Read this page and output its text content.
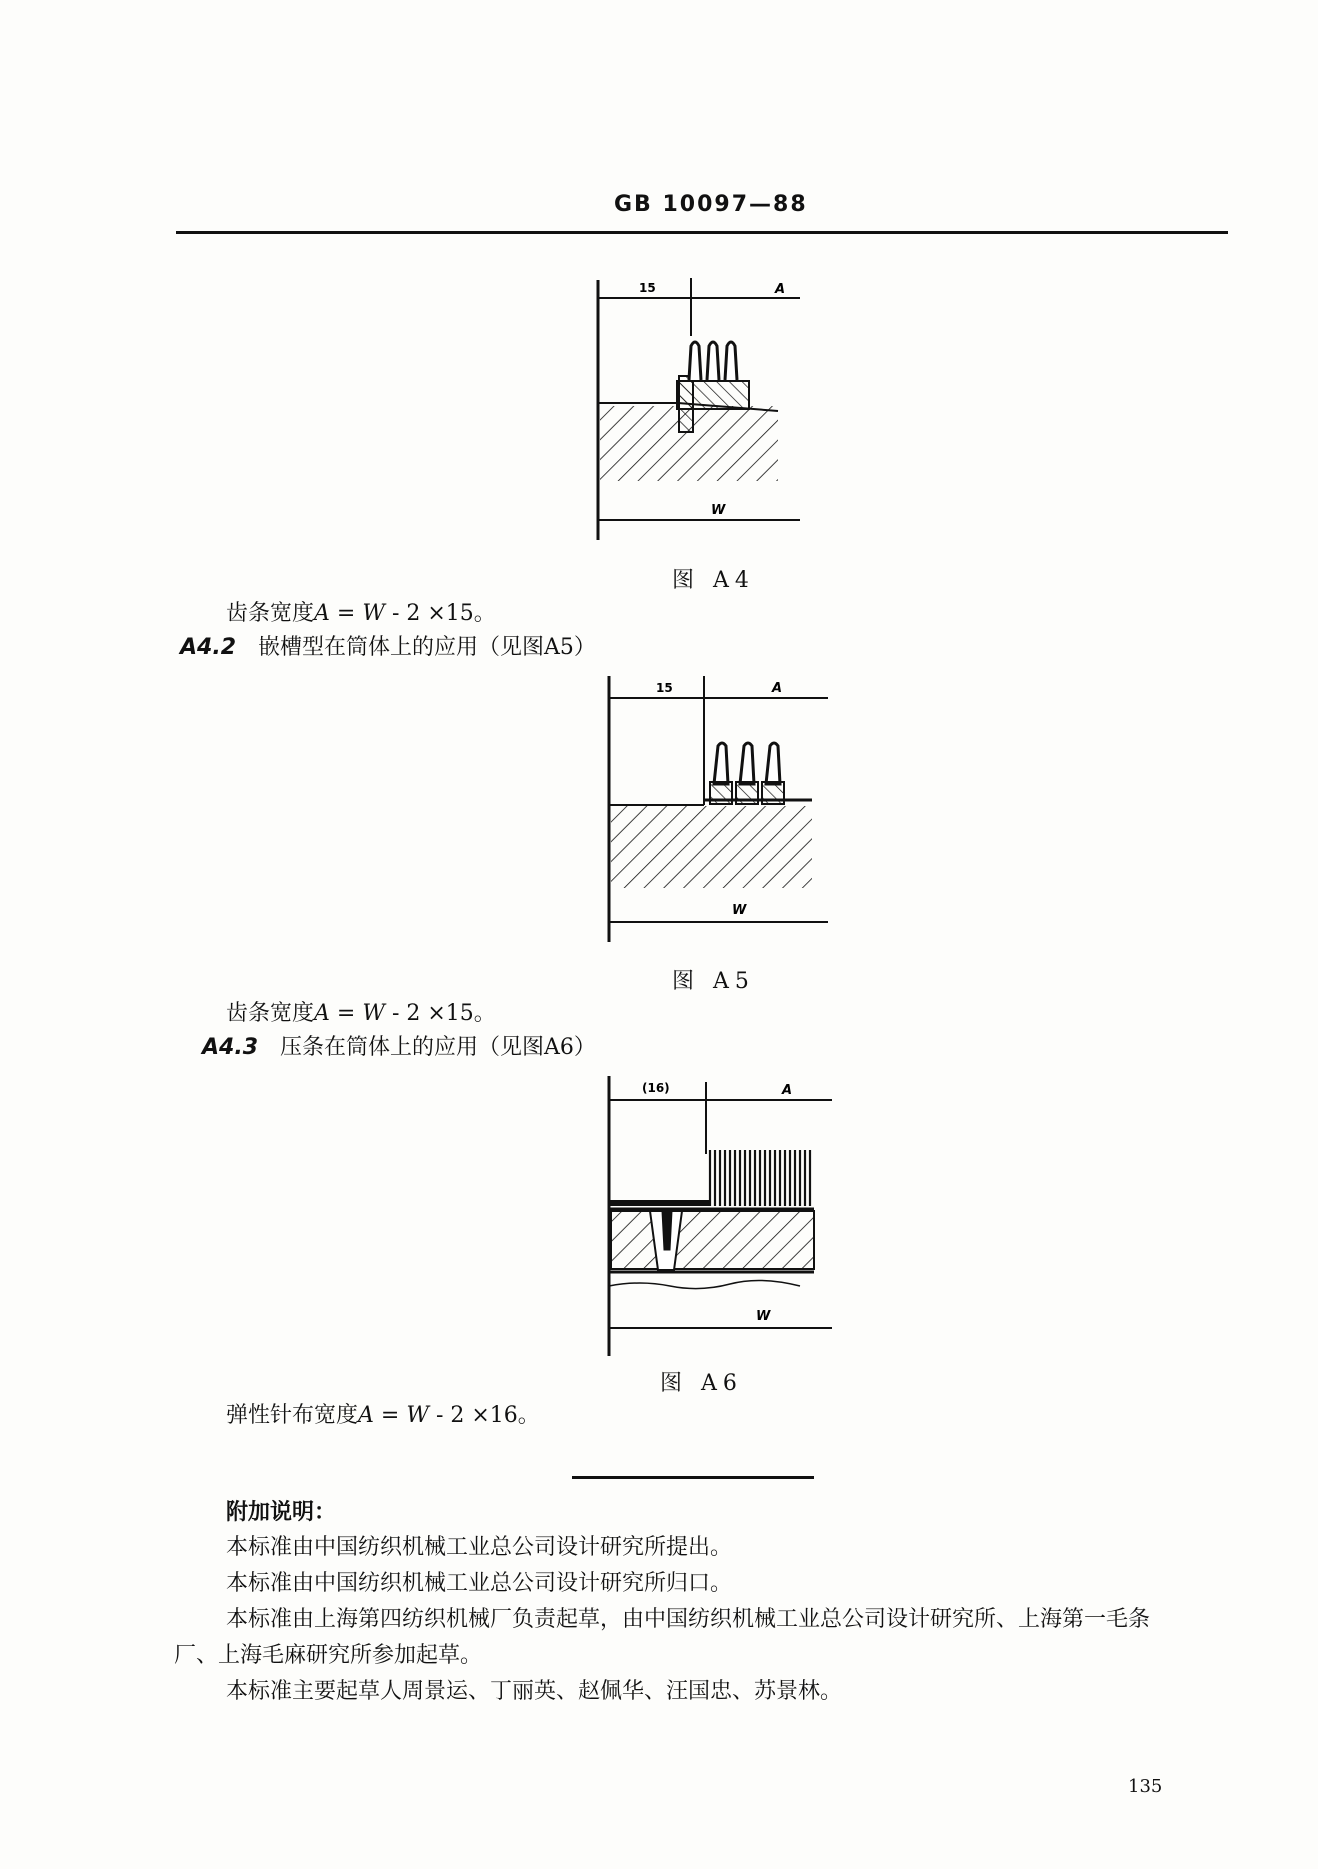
GB 10097—88
15	A
W
图 A4
齿条宽度A = W - 2 ×15。
A4.2 嵌槽型在筒体上的应用（见图A5）
15	A
W
图 A5
齿条宽度A = W - 2 ×15。
A4.3 压条在筒体上的应用（见图A6）
(16)	A
W
图 A6
弹性针布宽度A = W - 2 ×16。
附加说明：
本标准由中国纺织机械工业总公司设计研究所提出。
本标准由中国纺织机械工业总公司设计研究所归口。
本标准由上海第四纺织机械厂负责起草，由中国纺织机械工业总公司设计研究所、上海第一毛条
厂、上海毛麻研究所参加起草。
本标准主要起草人周景运、丁丽英、赵佩华、汪国忠、苏景林。
135
